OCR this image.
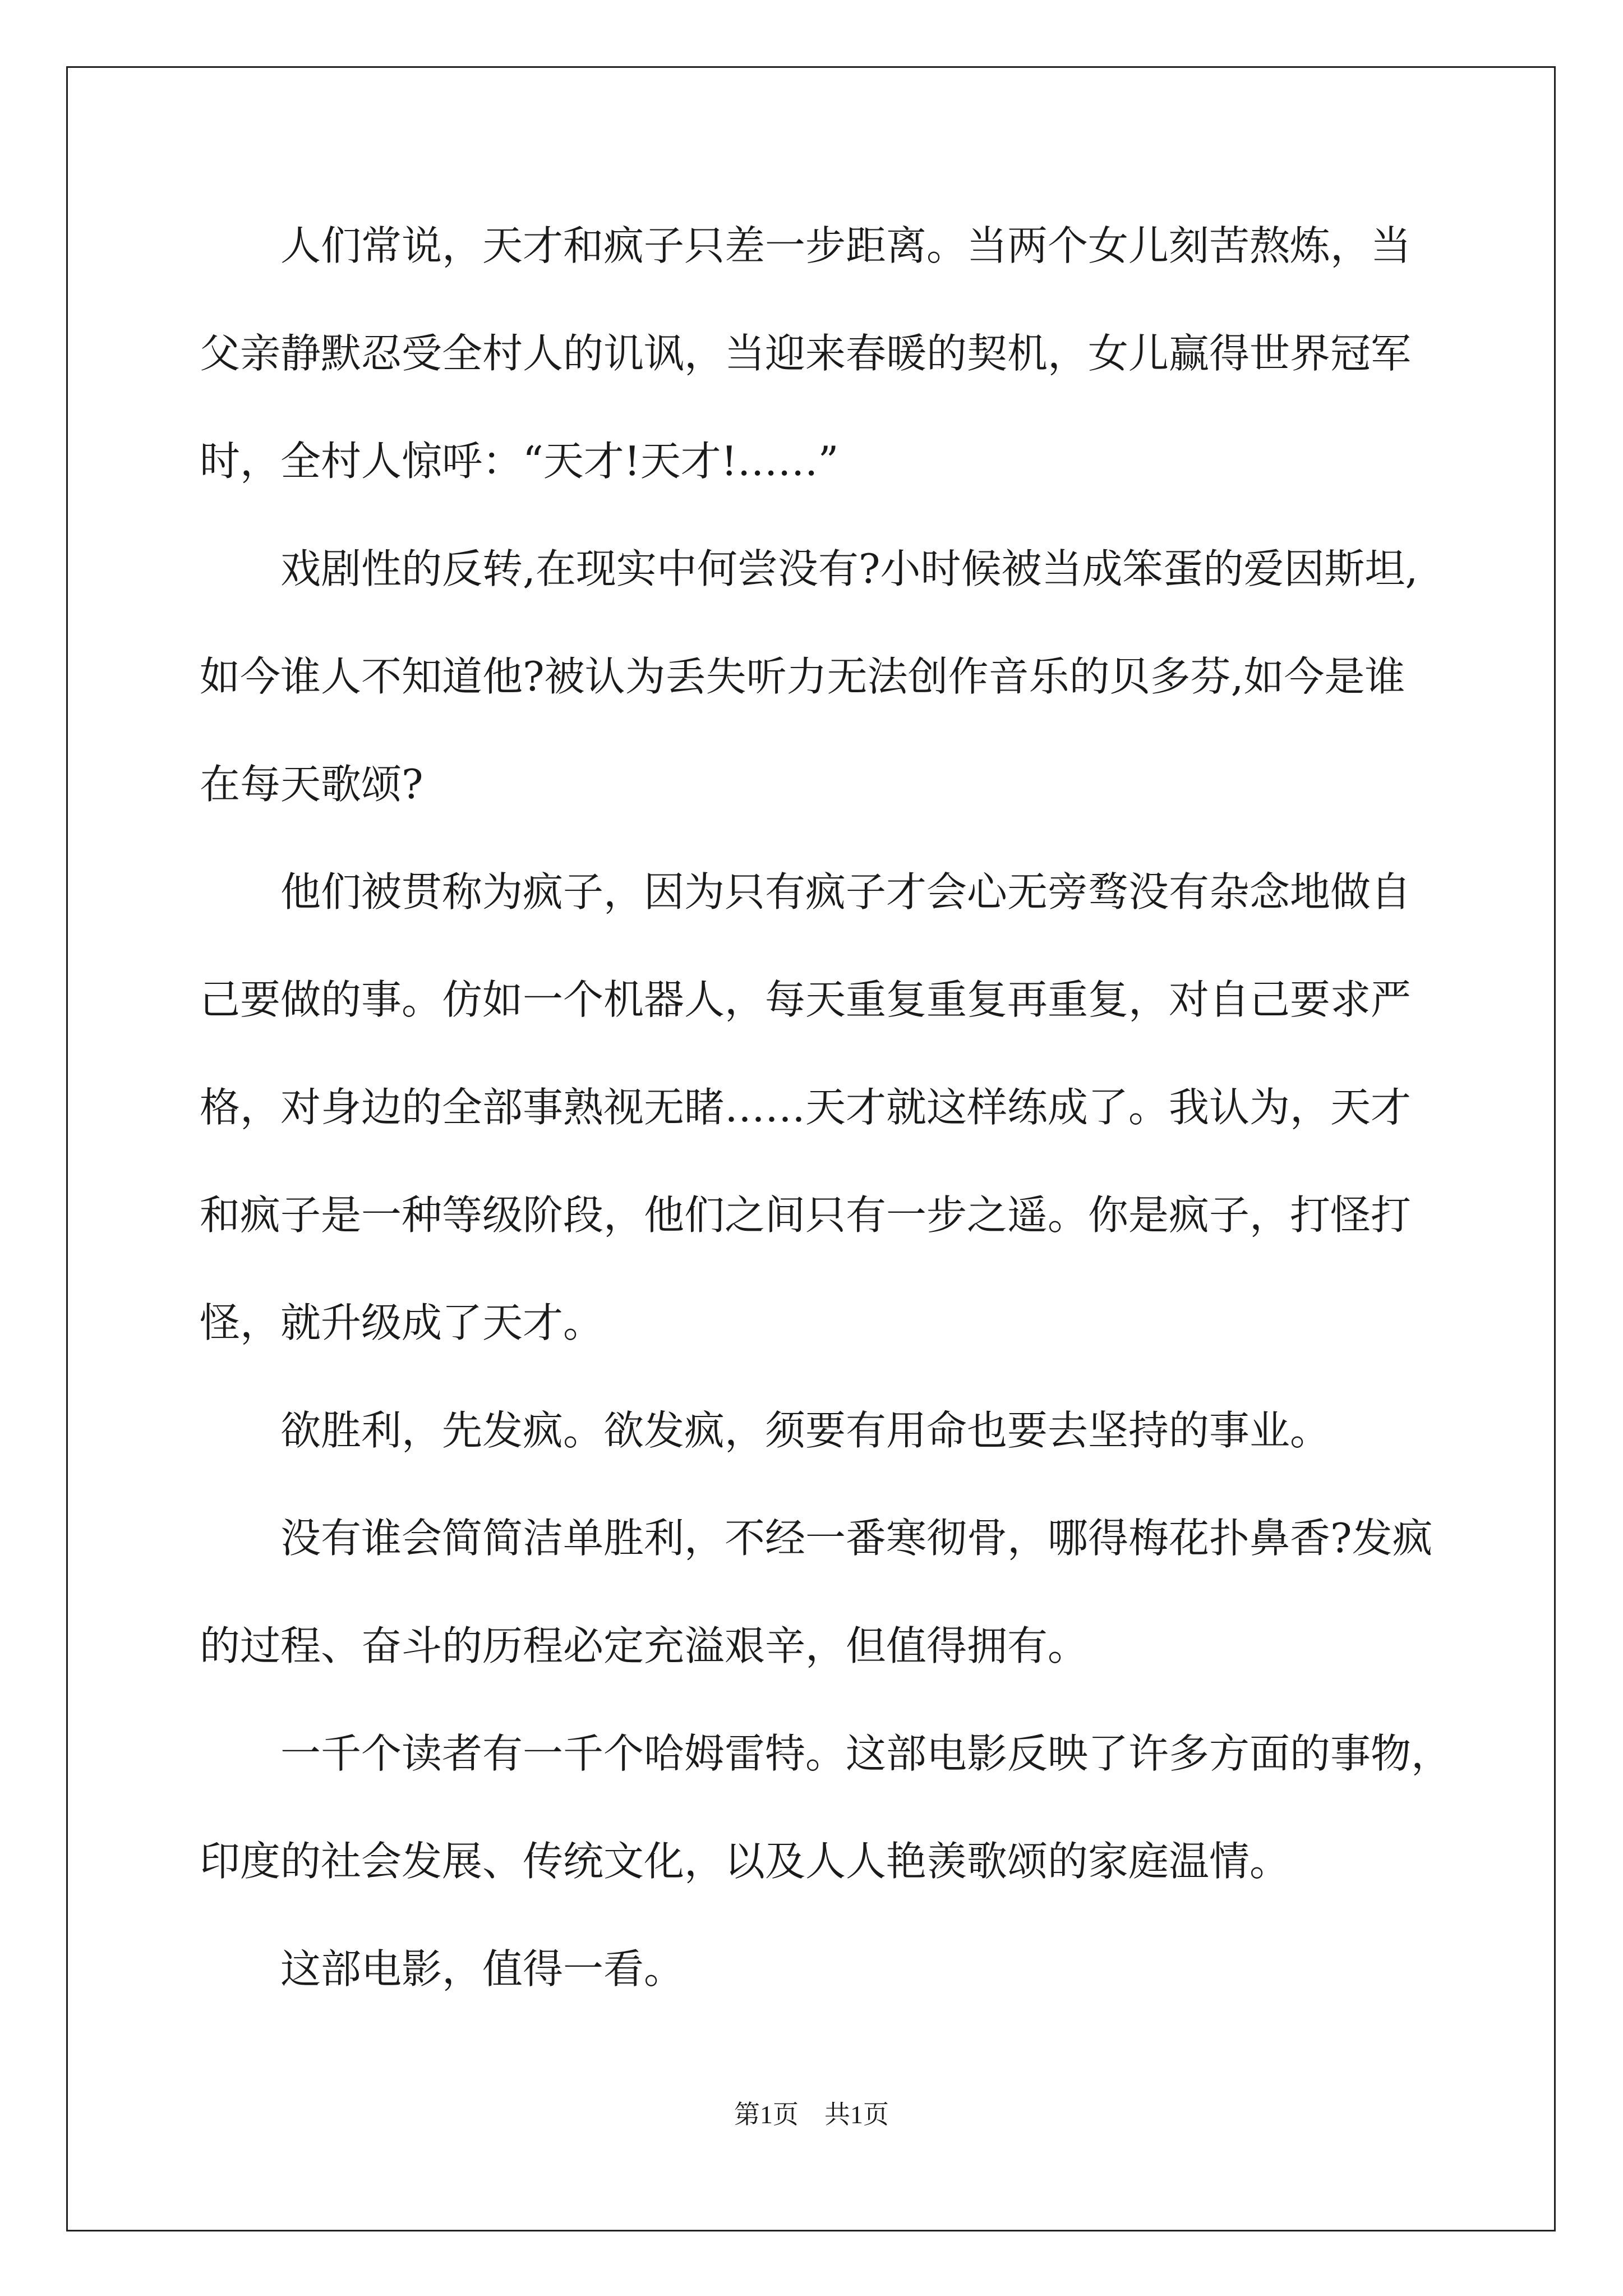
　　人们常说，天才和疯子只差一步距离。当两个女儿刻苦熬炼，当
父亲静默忍受全村人的讥讽，当迎来春暖的契机，女儿赢得世界冠军
时，全村人惊呼：“天才!天才!……”
　　戏剧性的反转,在现实中何尝没有?小时候被当成笨蛋的爱因斯坦,
如今谁人不知道他?被认为丢失听力无法创作音乐的贝多芬,如今是谁
在每天歌颂?
　　他们被贯称为疯子，因为只有疯子才会心无旁骛没有杂念地做自
己要做的事。仿如一个机器人，每天重复重复再重复，对自己要求严
格，对身边的全部事熟视无睹……天才就这样练成了。我认为，天才
和疯子是一种等级阶段，他们之间只有一步之遥。你是疯子，打怪打
怪，就升级成了天才。
　　欲胜利，先发疯。欲发疯，须要有用命也要去坚持的事业。
　　没有谁会简简洁单胜利，不经一番寒彻骨，哪得梅花扑鼻香?发疯
的过程、奋斗的历程必定充溢艰辛，但值得拥有。
　　一千个读者有一千个哈姆雷特。这部电影反映了许多方面的事物，
印度的社会发展、传统文化，以及人人艳羡歌颂的家庭温情。
　　这部电影，值得一看。
第1页　共1页
